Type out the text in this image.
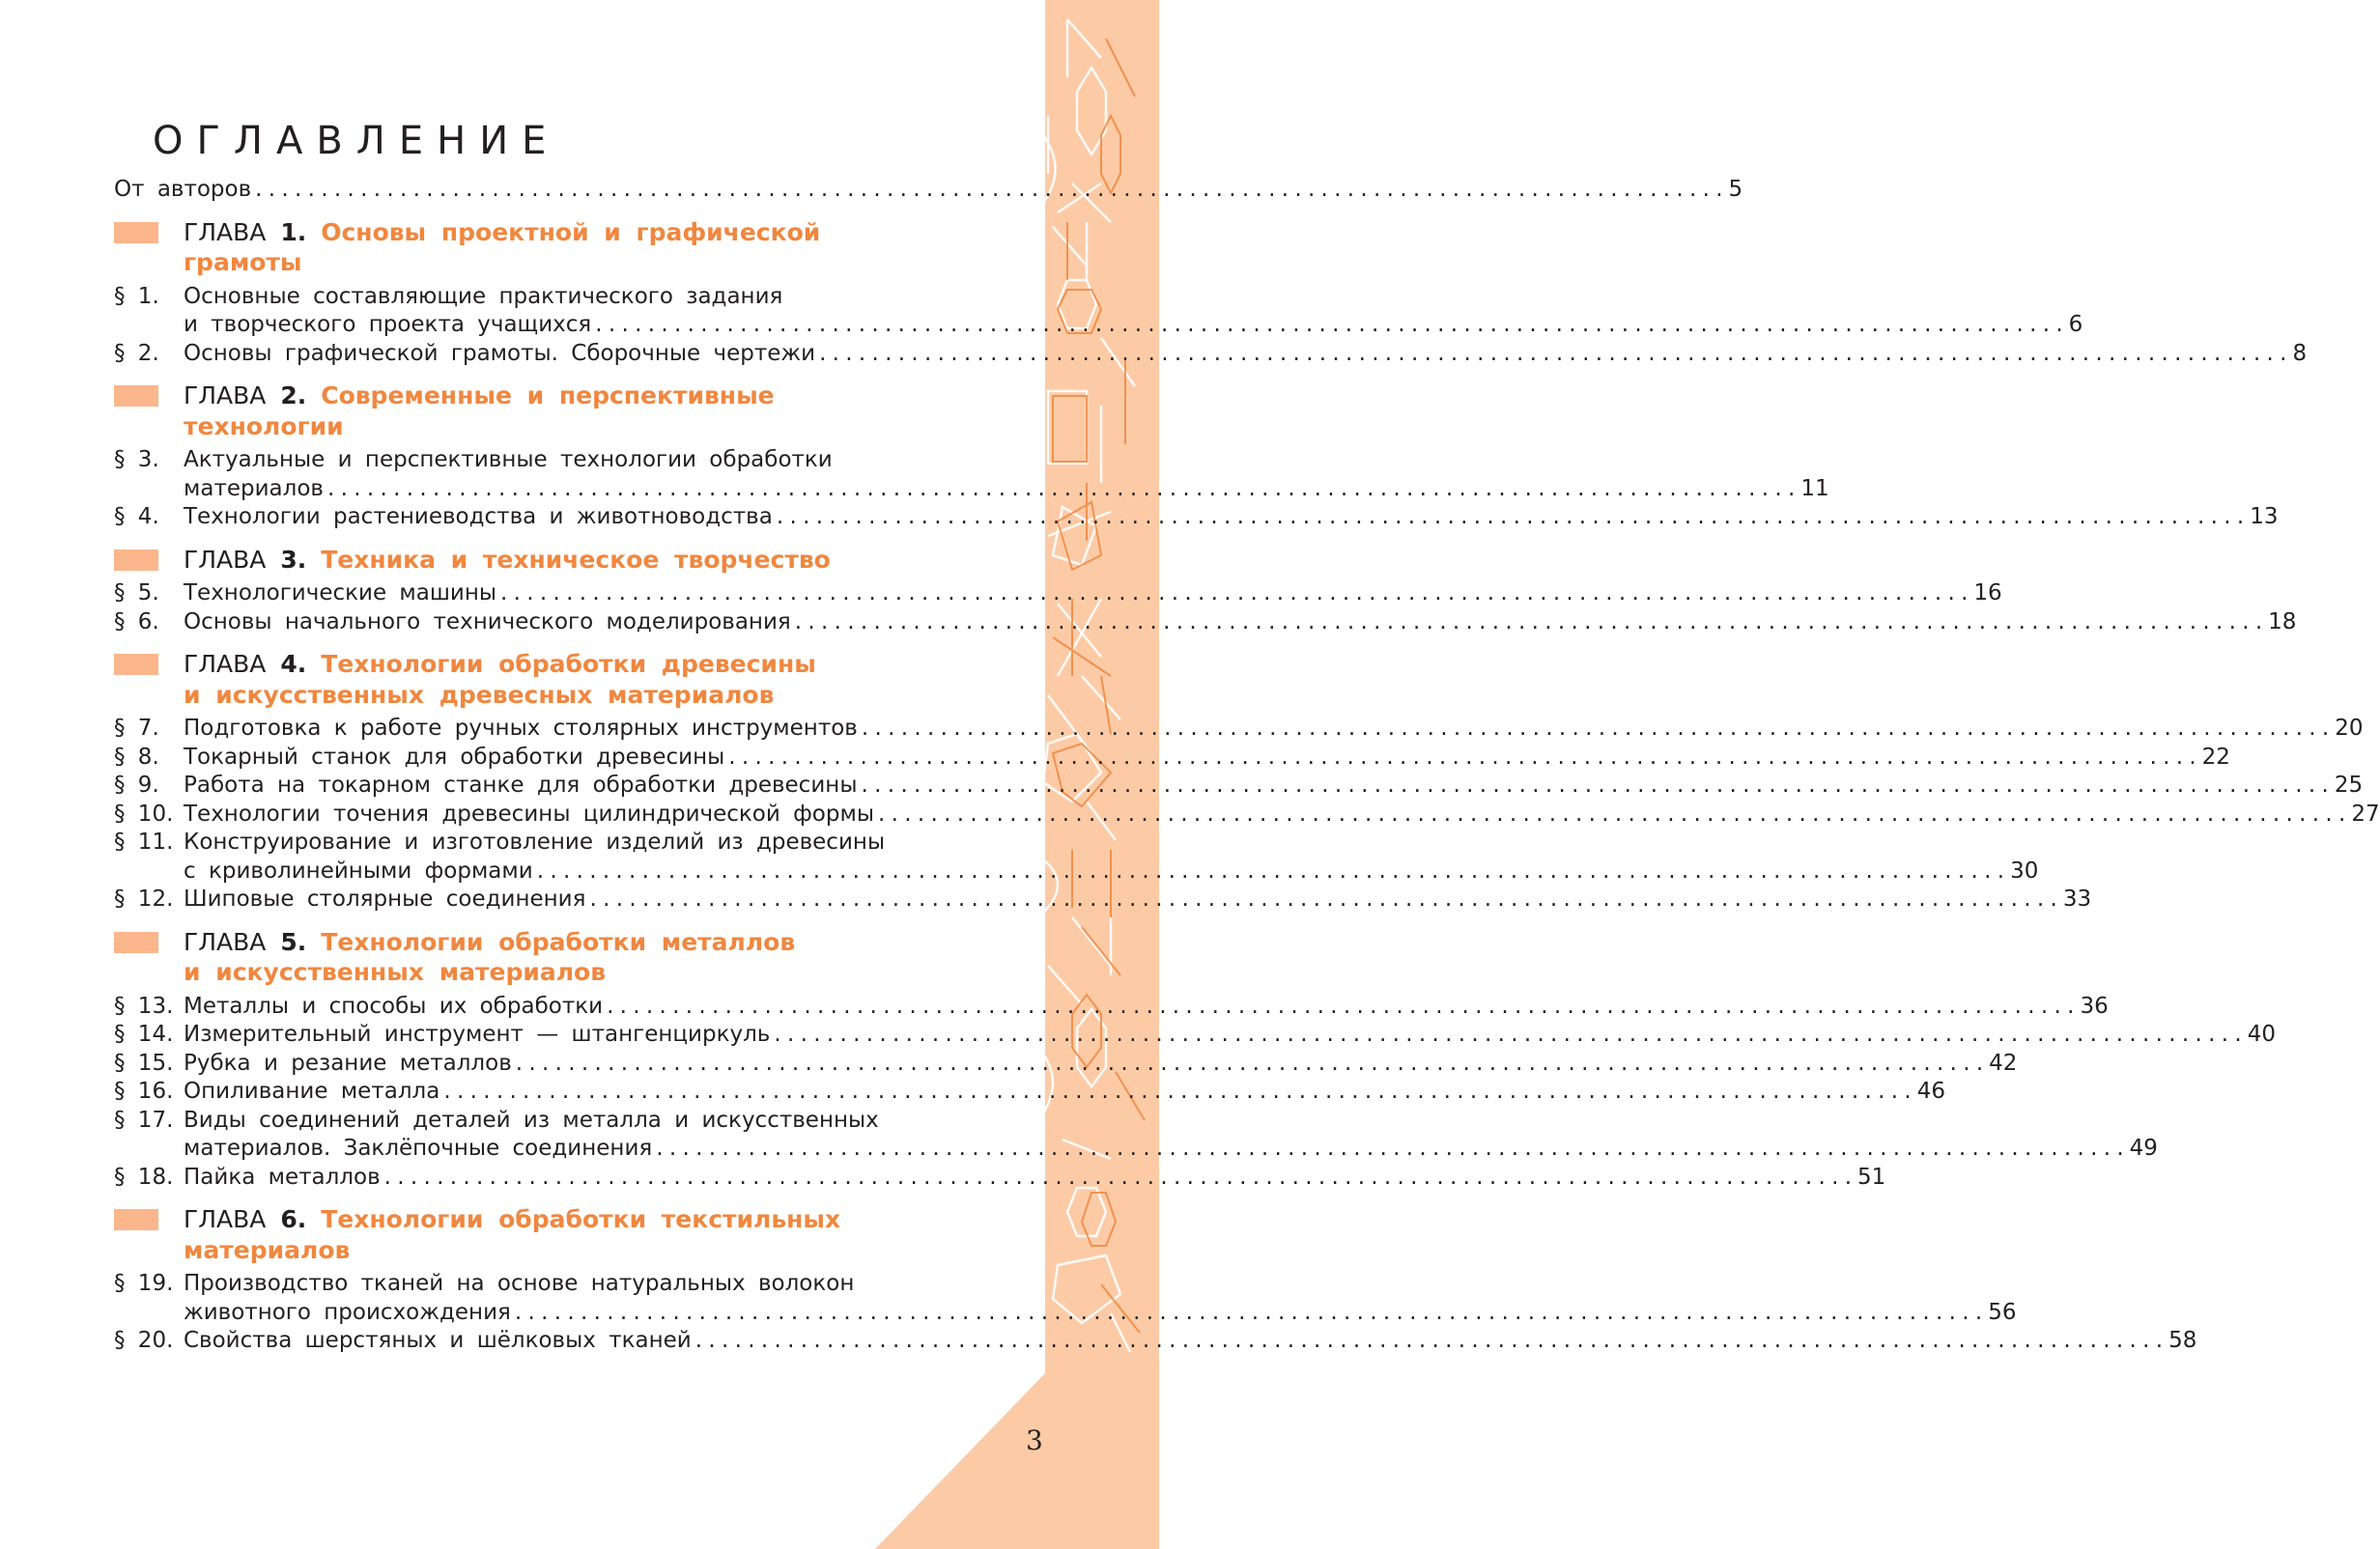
ОГЛАВЛЕНИЕ
От авторов . . .	5
ГЛАВА 1. Основы проектной и графической
грамоты
§ 1.	Основные составляющие практического задания
и творческого проекта учащихся . . .	6
§ 2.	Основы графической грамоты. Сборочные чертежи . . .	8
ГЛАВА 2. Современные и перспективные
технологии
§ 3.	Актуальные и перспективные технологии обработки
материалов . . .	11
§ 4.	Технологии растениеводства и животноводства . . .	13
ГЛАВА 3. Техника и техническое творчество
§ 5.	Технологические машины . . .	16
§ 6.	Основы начального технического моделирования . . .	18
ГЛАВА 4. Технологии обработки древесины
и искусственных древесных материалов
§ 7.	Подготовка к работе ручных столярных инструментов . . .	20
§ 8.	Токарный станок для обработки древесины . . .	22
§ 9.	Работа на токарном станке для обработки древесины . . .	25
§ 10. Технологии точения древесины цилиндрической формы . . .	27
§ 11. Конструирование и изготовление изделий из древесины
с криволинейными формами . . .	30
§ 12. Шиповые столярные соединения . . .	33
ГЛАВА 5. Технологии обработки металлов
и искусственных материалов
§ 13. Металлы и способы их обработки . . .	36
§ 14. Измерительный инструмент — штангенциркуль . . .	40
§ 15. Рубка и резание металлов . . .	42
§ 16. Опиливание металла . . .	46
§ 17. Виды соединений деталей из металла и искусственных
материалов. Заклёпочные соединения . . .	49
§ 18. Пайка металлов . . .	51
ГЛАВА 6. Технологии обработки текстильных
материалов
§ 19. Производство тканей на основе натуральных волокон
животного происхождения . . .	56
§ 20. Свойства шерстяных и шёлковых тканей . . .	58
3
